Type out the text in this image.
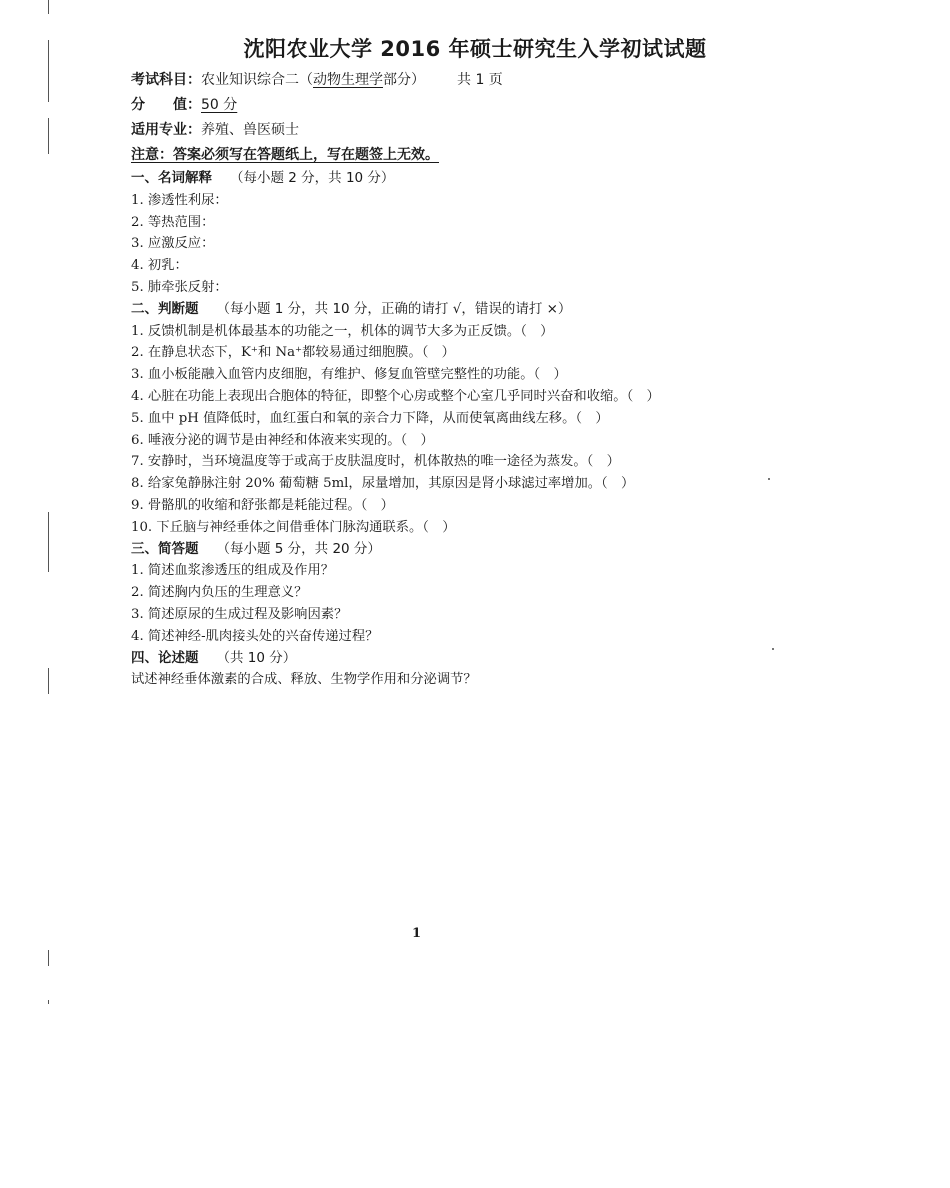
沈阳农业大学 2016 年硕士研究生入学初试试题
考试科目：农业知识综合二（动物生理学部分） 共 1 页
分　　值：50 分
适用专业：养殖、兽医硕士
注意：答案必须写在答题纸上，写在题签上无效。
一、名词解释 （每小题 2 分，共 10 分）
1. 渗透性利尿：
2. 等热范围：
3. 应激反应：
4. 初乳：
5. 肺牵张反射：
二、判断题 （每小题 1 分，共 10 分，正确的请打 √，错误的请打 ×）
1. 反馈机制是机体最基本的功能之一，机体的调节大多为正反馈。（　）
2. 在静息状态下，K⁺和 Na⁺都较易通过细胞膜。（　）
3. 血小板能融入血管内皮细胞，有维护、修复血管壁完整性的功能。（　）
4. 心脏在功能上表现出合胞体的特征，即整个心房或整个心室几乎同时兴奋和收缩。（　）
5. 血中 pH 值降低时，血红蛋白和氧的亲合力下降，从而使氧离曲线左移。（　）
6. 唾液分泌的调节是由神经和体液来实现的。（　）
7. 安静时，当环境温度等于或高于皮肤温度时，机体散热的唯一途径为蒸发。（　）
8. 给家兔静脉注射 20% 葡萄糖 5ml，尿量增加，其原因是肾小球滤过率增加。（　）
9. 骨骼肌的收缩和舒张都是耗能过程。（　）
10. 下丘脑与神经垂体之间借垂体门脉沟通联系。（　）
三、简答题 （每小题 5 分，共 20 分）
1. 简述血浆渗透压的组成及作用？
2. 简述胸内负压的生理意义？
3. 简述原尿的生成过程及影响因素？
4. 简述神经-肌肉接头处的兴奋传递过程？
四、论述题 （共 10 分）
试述神经垂体激素的合成、释放、生物学作用和分泌调节？
1
